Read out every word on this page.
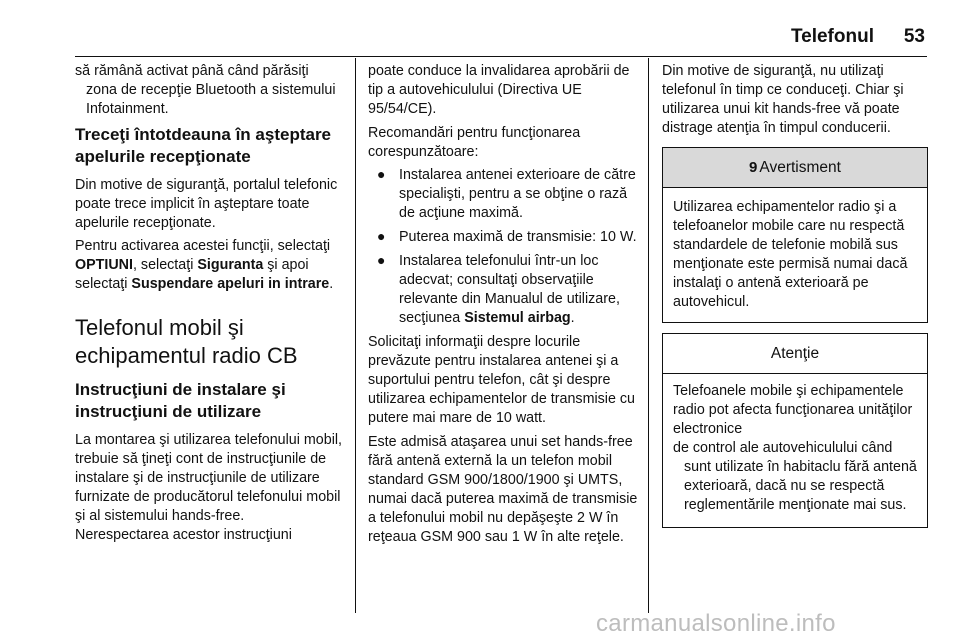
Telefonul 53

să rămână activat până când părăsiţi zona de recepţie Bluetooth a sistemului Infotainment.

Treceţi întotdeauna în aşteptare apelurile recepţionate

Din motive de siguranţă, portalul telefonic poate trece implicit în aşteptare toate apelurile recepţionate.

Pentru activarea acestei funcţii, selectaţi OPTIUNI, selectaţi Siguranta şi apoi selectaţi Suspendare apeluri in intrare.

Telefonul mobil şi echipamentul radio CB
Instrucţiuni de instalare şi instrucţiuni de utilizare

La montarea şi utilizarea telefonului mobil, trebuie să ţineţi cont de instrucţiunile de instalare şi de instrucţiunile de utilizare furnizate de producătorul telefonului mobil şi al sistemului hands-free.

Nerespectarea acestor instrucţiuni

poate conduce la invalidarea aprobării de tip a autovehiculului (Directiva UE 95/54/CE).

Recomandări pentru funcţionarea corespunzătoare:

● Instalarea antenei exterioare de către specialişti, pentru a se obţine o rază de acţiune maximă.
● Puterea maximă de transmisie: 10 W.
● Instalarea telefonului într-un loc adecvat; consultaţi observaţiile relevante din Manualul de utilizare, secţiunea Sistemul airbag.

Solicitaţi informaţii despre locurile prevăzute pentru instalarea antenei şi a suportului pentru telefon, cât şi despre utilizarea echipamentelor de transmisie cu putere mai mare de 10 watt.

Este admisă ataşarea unui set hands-free fără antenă externă la un telefon mobil standard GSM 900/1800/1900 şi UMTS, numai dacă puterea maximă de transmisie a telefonului mobil nu depăşeşte 2 W în reţeaua GSM 900 sau 1 W în alte reţele.

Din motive de siguranţă, nu utilizaţi telefonul în timp ce conduceţi. Chiar şi utilizarea unui kit hands-free vă poate distrage atenţia în timpul conducerii.

9 Avertisment
Utilizarea echipamentelor radio şi a telefoanelor mobile care nu respectă standardele de telefonie mobilă sus menţionate este permisă numai dacă instalaţi o antenă exterioară pe autovehicul.
Atenţie
Telefoanele mobile şi echipamentele radio pot afecta funcţionarea unităţilor electronice
de control ale autovehiculului când sunt utilizate în habitaclu fără antenă exterioară, dacă nu se respectă reglementările menţionate mai sus.
carmanualsonline.info
